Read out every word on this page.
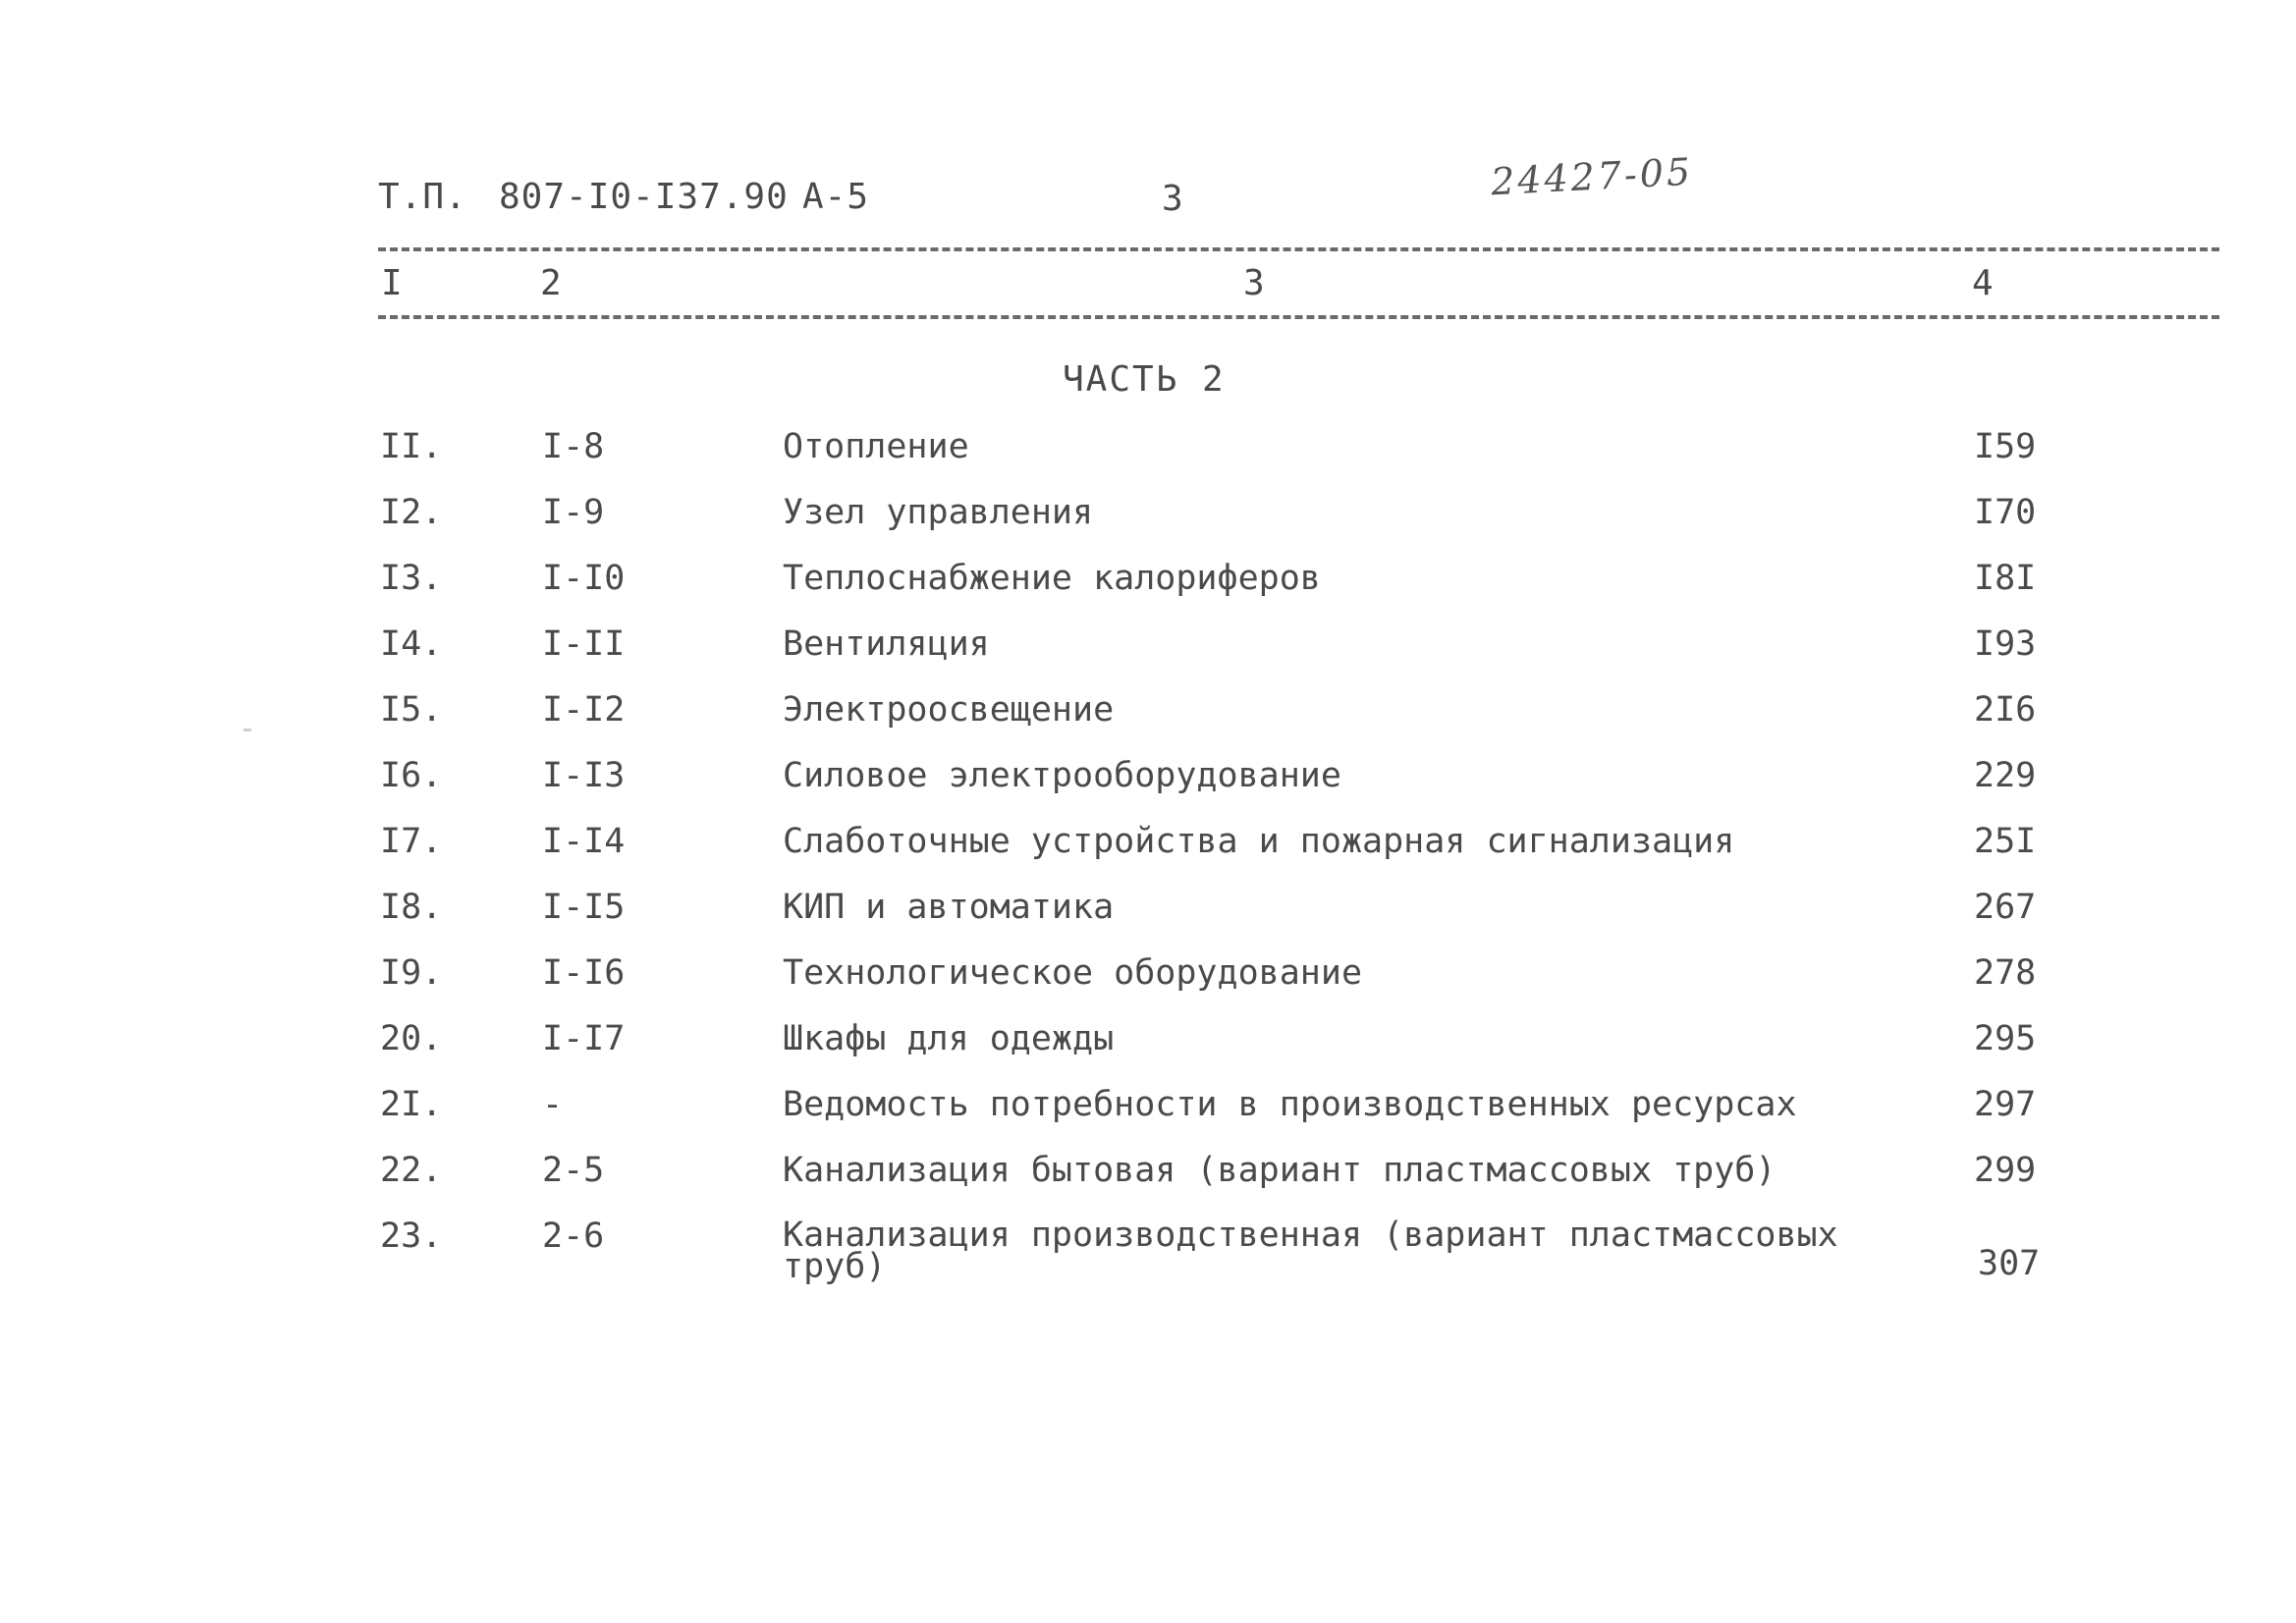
Т.П. 807-I0-I37.90 А-5	3	24427-05
I	2	3	4
ЧАСТЬ 2
II.	I-8	Отопление	I59
I2.	I-9	Узел управления	I70
I3.	I-I0	Теплоснабжение калориферов	I8I
I4.	I-II	Вентиляция	I93
I5.	I-I2	Электроосвещение	2I6
I6.	I-I3	Силовое электрооборудование	229
I7.	I-I4	Слаботочные устройства и пожарная сигнализация	25I
I8.	I-I5	КИП и автоматика	267
I9.	I-I6	Технологическое оборудование	278
20.	I-I7	Шкафы для одежды	295
2I.	-	Ведомость потребности в производственных ресурсах	297
22.	2-5	Канализация бытовая (вариант пластмассовых труб)	299
23.	2-6	Канализация производственная (вариант пластмассовых труб)	307
